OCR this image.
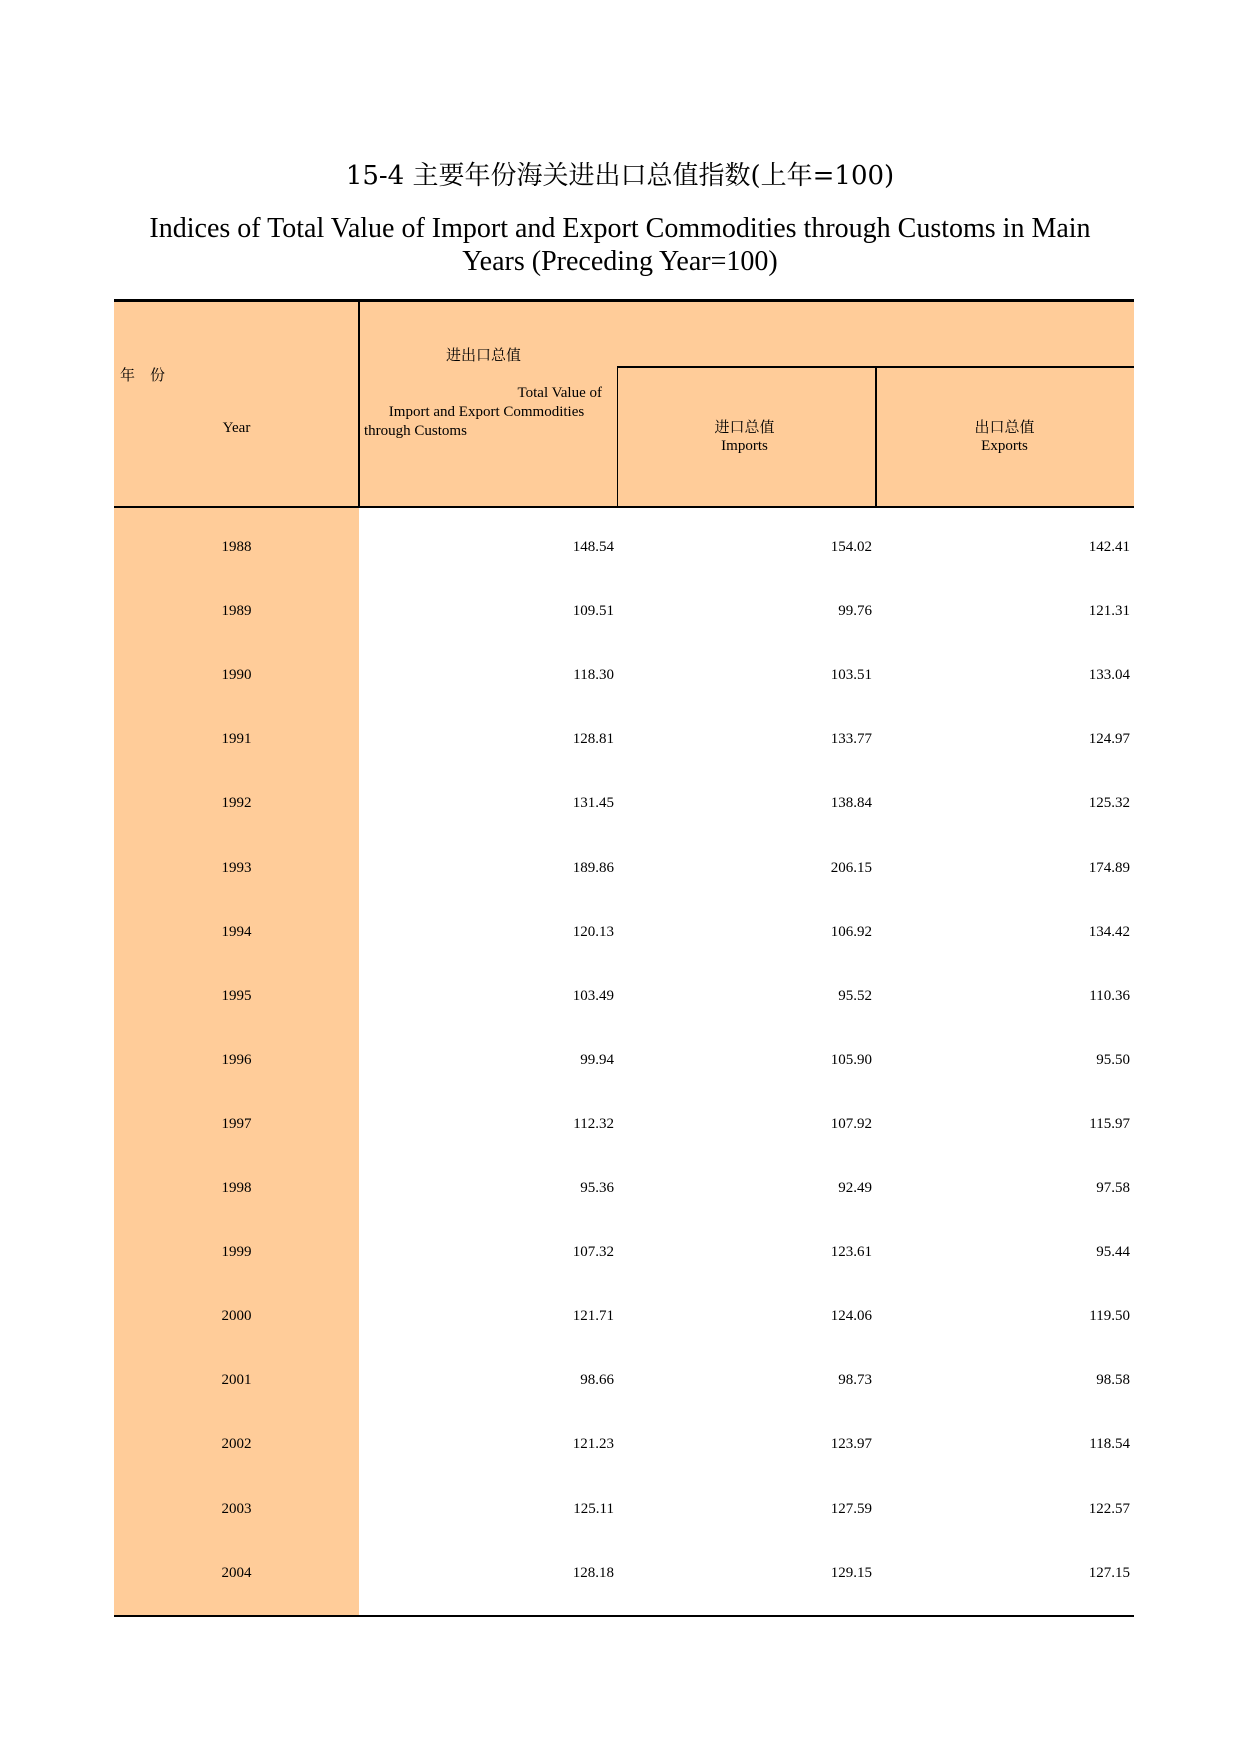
15-4 主要年份海关进出口总值指数(上年=100)
Indices of Total Value of Import and Export Commodities through Customs in Main Years (Preceding Year=100)
年　份
Year
进出口总值
Total Value of
Import and Export Commodities
through Customs	进口总值
Imports
出口总值
Exports
1988	148.54	154.02	142.41
1989	109.51	99.76	121.31
1990	118.30	103.51	133.04
1991	128.81	133.77	124.97
1992	131.45	138.84	125.32
1993	189.86	206.15	174.89
1994	120.13	106.92	134.42
1995	103.49	95.52	110.36
1996	99.94	105.90	95.50
1997	112.32	107.92	115.97
1998	95.36	92.49	97.58
1999	107.32	123.61	95.44
2000	121.71	124.06	119.50
2001	98.66	98.73	98.58
2002	121.23	123.97	118.54
2003	125.11	127.59	122.57
2004	128.18	129.15	127.15
